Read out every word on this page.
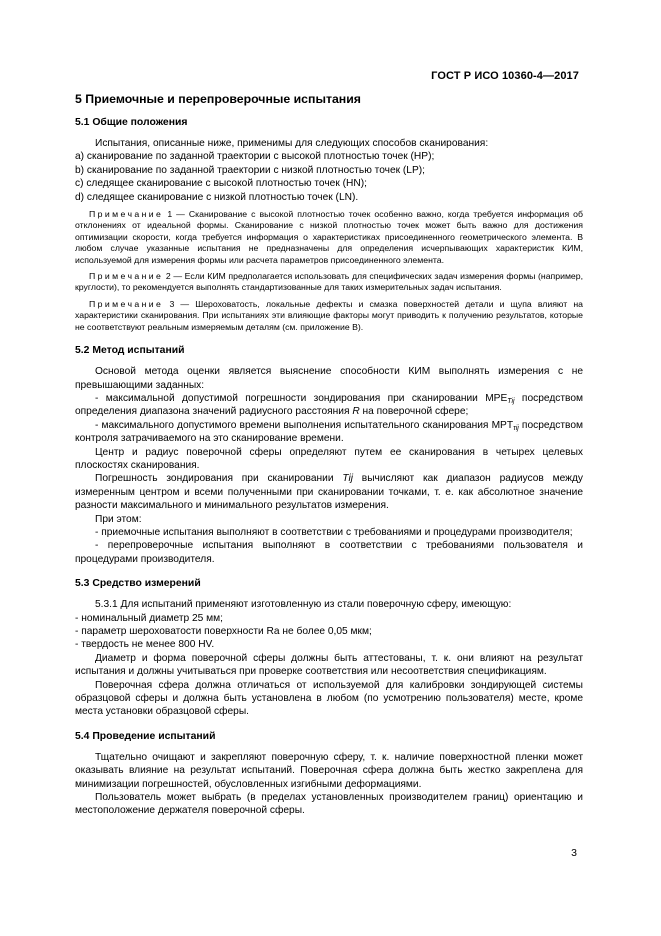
ГОСТ Р ИСО 10360-4—2017
5 Приемочные и перепроверочные испытания
5.1 Общие положения

Испытания, описанные ниже, применимы для следующих способов сканирования:

a) сканирование по заданной траектории с высокой плотностью точек (HP);

b) сканирование по заданной траектории с низкой плотностью точек (LP);

c) следящее сканирование с высокой плотностью точек (HN);

d) следящее сканирование с низкой плотностью точек (LN).

Примечание 1 — Сканирование с высокой плотностью точек особенно важно, когда требуется информация об отклонениях от идеальной формы. Сканирование с низкой плотностью точек может быть важно для достижения оптимизации скорости, когда требуется информация о характеристиках присоединенного геометрического элемента. В любом случае указанные испытания не предназначены для определения исчерпывающих характеристик КИМ, используемой для измерения формы или расчета параметров присоединенного элемента.

Примечание 2 — Если КИМ предполагается использовать для специфических задач измерения формы (например, круглости), то рекомендуется выполнять стандартизованные для таких измерительных задач испытания.

Примечание 3 — Шероховатость, локальные дефекты и смазка поверхностей детали и щупа влияют на характеристики сканирования. При испытаниях эти влияющие факторы могут приводить к получению результатов, которые не соответствуют реальным измеряемым деталям (см. приложение В).

5.2 Метод испытаний

Основой метода оценки является выяснение способности КИМ выполнять измерения с не превышающими заданных:

- максимальной допустимой погрешности зондирования при сканировании $MPE_{Tij}$ посредством определения диапазона значений радиусного расстояния R на поверочной сфере;

- максимального допустимого времени выполнения испытательного сканирования $MPT_{\tau ij}$ посредством контроля затрачиваемого на это сканирование времени.

Центр и радиус поверочной сферы определяют путем ее сканирования в четырех целевых плоскостях сканирования.

Погрешность зондирования при сканировании Tij вычисляют как диапазон радиусов между измеренным центром и всеми полученными при сканировании точками, т. е. как абсолютное значение разности максимального и минимального результатов измерения.

При этом:

- приемочные испытания выполняют в соответствии с требованиями и процедурами производителя;

- перепроверочные испытания выполняют в соответствии с требованиями пользователя и процедурами производителя.

5.3 Средство измерений

5.3.1 Для испытаний применяют изготовленную из стали поверочную сферу, имеющую:

- номинальный диаметр 25 мм;

- параметр шероховатости поверхности Ra не более 0,05 мкм;

- твердость не менее 800 HV.

Диаметр и форма поверочной сферы должны быть аттестованы, т. к. они влияют на результат испытания и должны учитываться при проверке соответствия или несоответствия спецификациям.

Поверочная сфера должна отличаться от используемой для калибровки зондирующей системы образцовой сферы и должна быть установлена в любом (по усмотрению пользователя) месте, кроме места установки образцовой сферы.

5.4 Проведение испытаний

Тщательно очищают и закрепляют поверочную сферу, т. к. наличие поверхностной пленки может оказывать влияние на результат испытаний. Поверочная сфера должна быть жестко закреплена для минимизации погрешностей, обусловленных изгибными деформациями.

Пользователь может выбрать (в пределах установленных производителем границ) ориентацию и местоположение держателя поверочной сферы.

3
